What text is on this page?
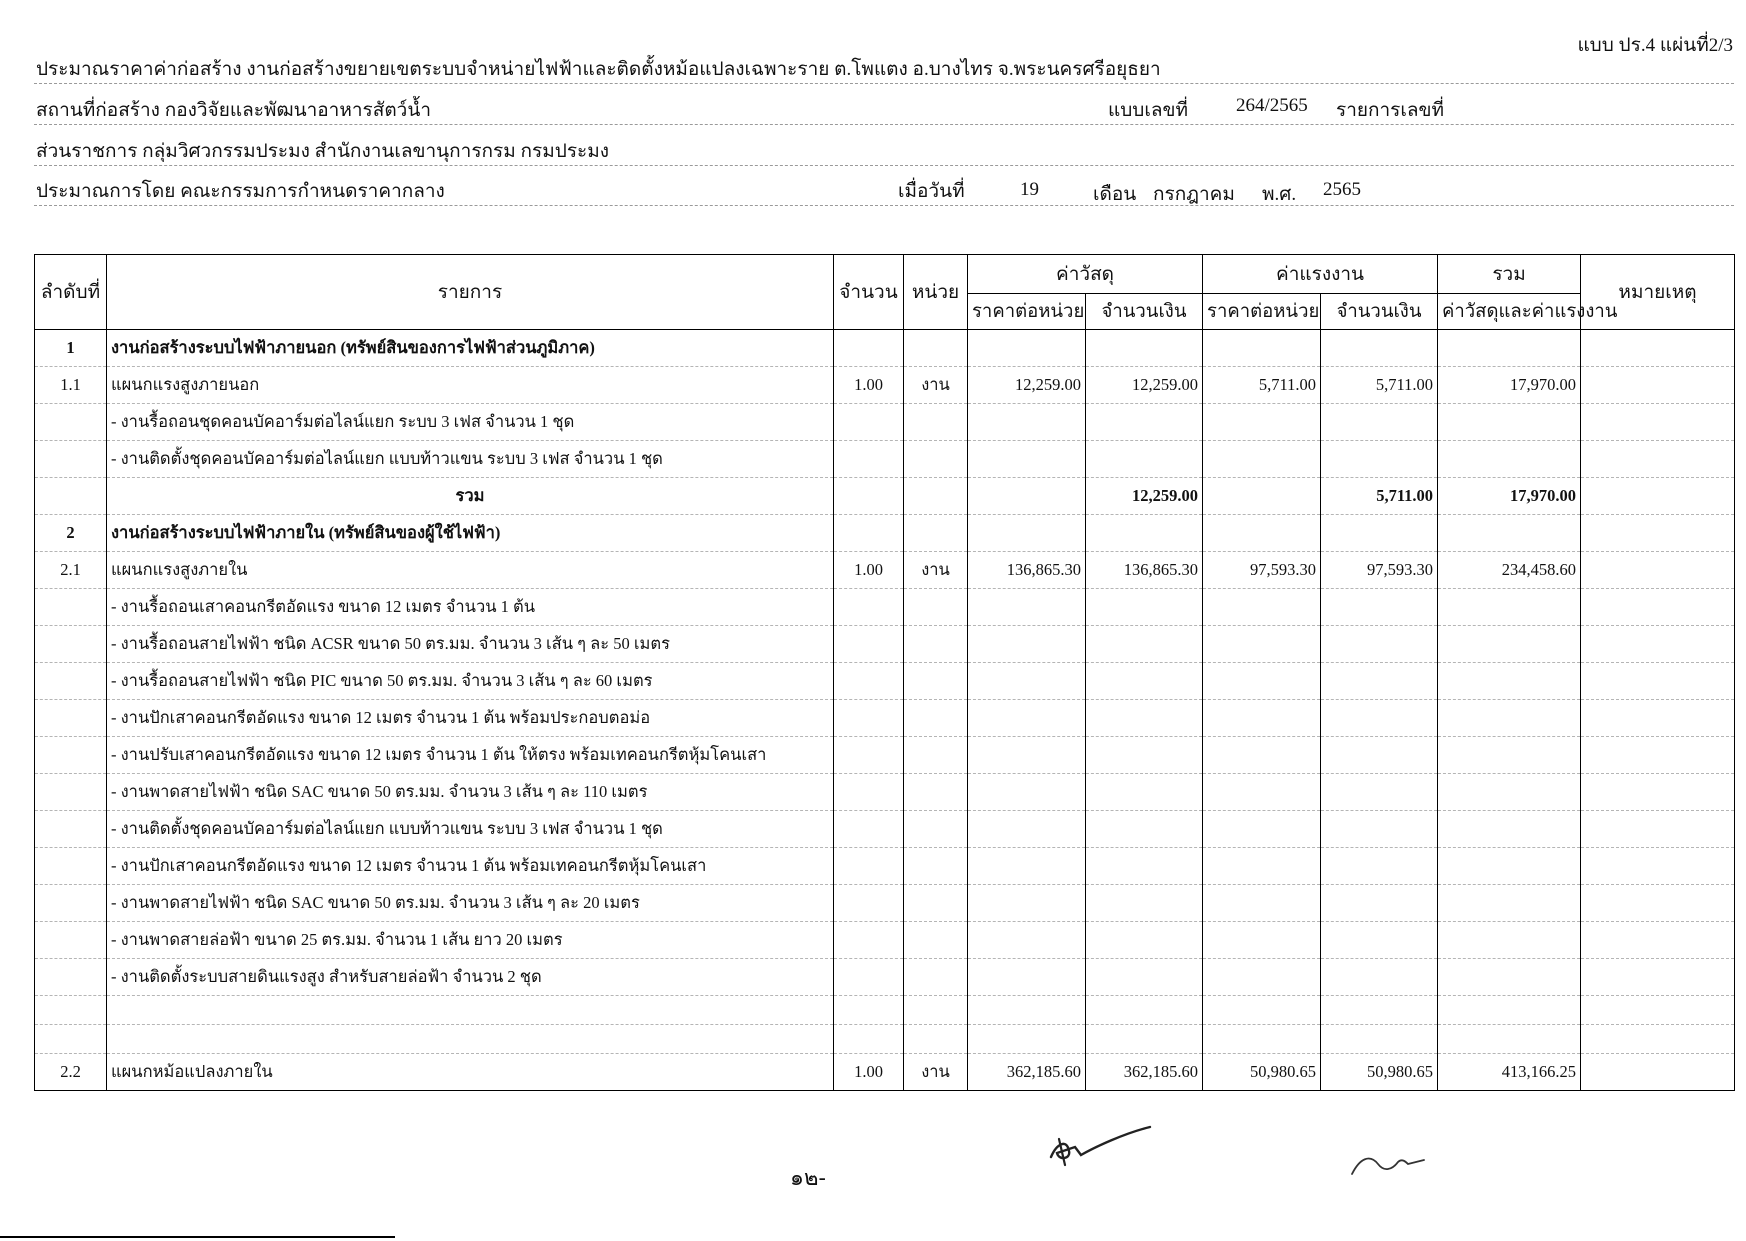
แบบ ปร.4 แผ่นที่2/3
ประมาณราคาค่าก่อสร้าง งานก่อสร้างขยายเขตระบบจำหน่ายไฟฟ้าและติดตั้งหม้อแปลงเฉพาะราย ต.โพแตง อ.บางไทร จ.พระนครศรีอยุธยา
สถานที่ก่อสร้าง กองวิจัยและพัฒนาอาหารสัตว์น้ำ	แบบเลขที่	264/2565 รายการเลขที่
ส่วนราชการ กลุ่มวิศวกรรมประมง สำนักงานเลขานุการกรม กรมประมง
ประมาณการโดย คณะกรรมการกำหนดราคากลาง	เมื่อวันที่	19	เดือน กรกฎาคม พ.ศ. 2565
ลำดับที่	รายการ	จำนวน	หน่วย	ค่าวัสดุ		ค่าแรงงาน		รวม	หมายเหตุ
				ราคาต่อหน่วย	จำนวนเงิน	ราคาต่อหน่วย	จำนวนเงิน	ค่าวัสดุและค่าแรงงาน	
1	งานก่อสร้างระบบไฟฟ้าภายนอก (ทรัพย์สินของการไฟฟ้าส่วนภูมิภาค)								
1.1	แผนกแรงสูงภายนอก	1.00	งาน	12,259.00	12,259.00	5,711.00	5,711.00	17,970.00	
	- งานรื้อถอนชุดคอนบัคอาร์มต่อไลน์แยก ระบบ 3 เฟส จำนวน 1 ชุด								
	- งานติดตั้งชุดคอนบัคอาร์มต่อไลน์แยก แบบท้าวแขน ระบบ 3 เฟส จำนวน 1 ชุด								
	รวม				12,259.00		5,711.00	17,970.00	
2	งานก่อสร้างระบบไฟฟ้าภายใน (ทรัพย์สินของผู้ใช้ไฟฟ้า)								
2.1	แผนกแรงสูงภายใน	1.00	งาน	136,865.30	136,865.30	97,593.30	97,593.30	234,458.60	
	- งานรื้อถอนเสาคอนกรีตอัดแรง ขนาด 12 เมตร จำนวน 1 ต้น								
	- งานรื้อถอนสายไฟฟ้า ชนิด ACSR ขนาด 50 ตร.มม. จำนวน 3 เส้น ๆ ละ 50 เมตร								
	- งานรื้อถอนสายไฟฟ้า ชนิด PIC ขนาด 50 ตร.มม. จำนวน 3 เส้น ๆ ละ 60 เมตร								
	- งานปักเสาคอนกรีตอัดแรง ขนาด 12 เมตร จำนวน 1 ต้น พร้อมประกอบตอม่อ								
	- งานปรับเสาคอนกรีตอัดแรง ขนาด 12 เมตร จำนวน 1 ต้น ให้ตรง พร้อมเทคอนกรีตหุ้มโคนเสา								
	- งานพาดสายไฟฟ้า ชนิด SAC ขนาด 50 ตร.มม. จำนวน 3 เส้น ๆ ละ 110 เมตร								
	- งานติดตั้งชุดคอนบัคอาร์มต่อไลน์แยก แบบท้าวแขน ระบบ 3 เฟส จำนวน 1 ชุด								
	- งานปักเสาคอนกรีตอัดแรง ขนาด 12 เมตร จำนวน 1 ต้น พร้อมเทคอนกรีตหุ้มโคนเสา								
	- งานพาดสายไฟฟ้า ชนิด SAC ขนาด 50 ตร.มม. จำนวน 3 เส้น ๆ ละ 20 เมตร								
	- งานพาดสายล่อฟ้า ขนาด 25 ตร.มม. จำนวน 1 เส้น ยาว 20 เมตร								
	- งานติดตั้งระบบสายดินแรงสูง สำหรับสายล่อฟ้า จำนวน 2 ชุด								

2.2	แผนกหม้อแปลงภายใน	1.00	งาน	362,185.60	362,185.60	50,980.65	50,980.65	413,166.25	
๑๒-
